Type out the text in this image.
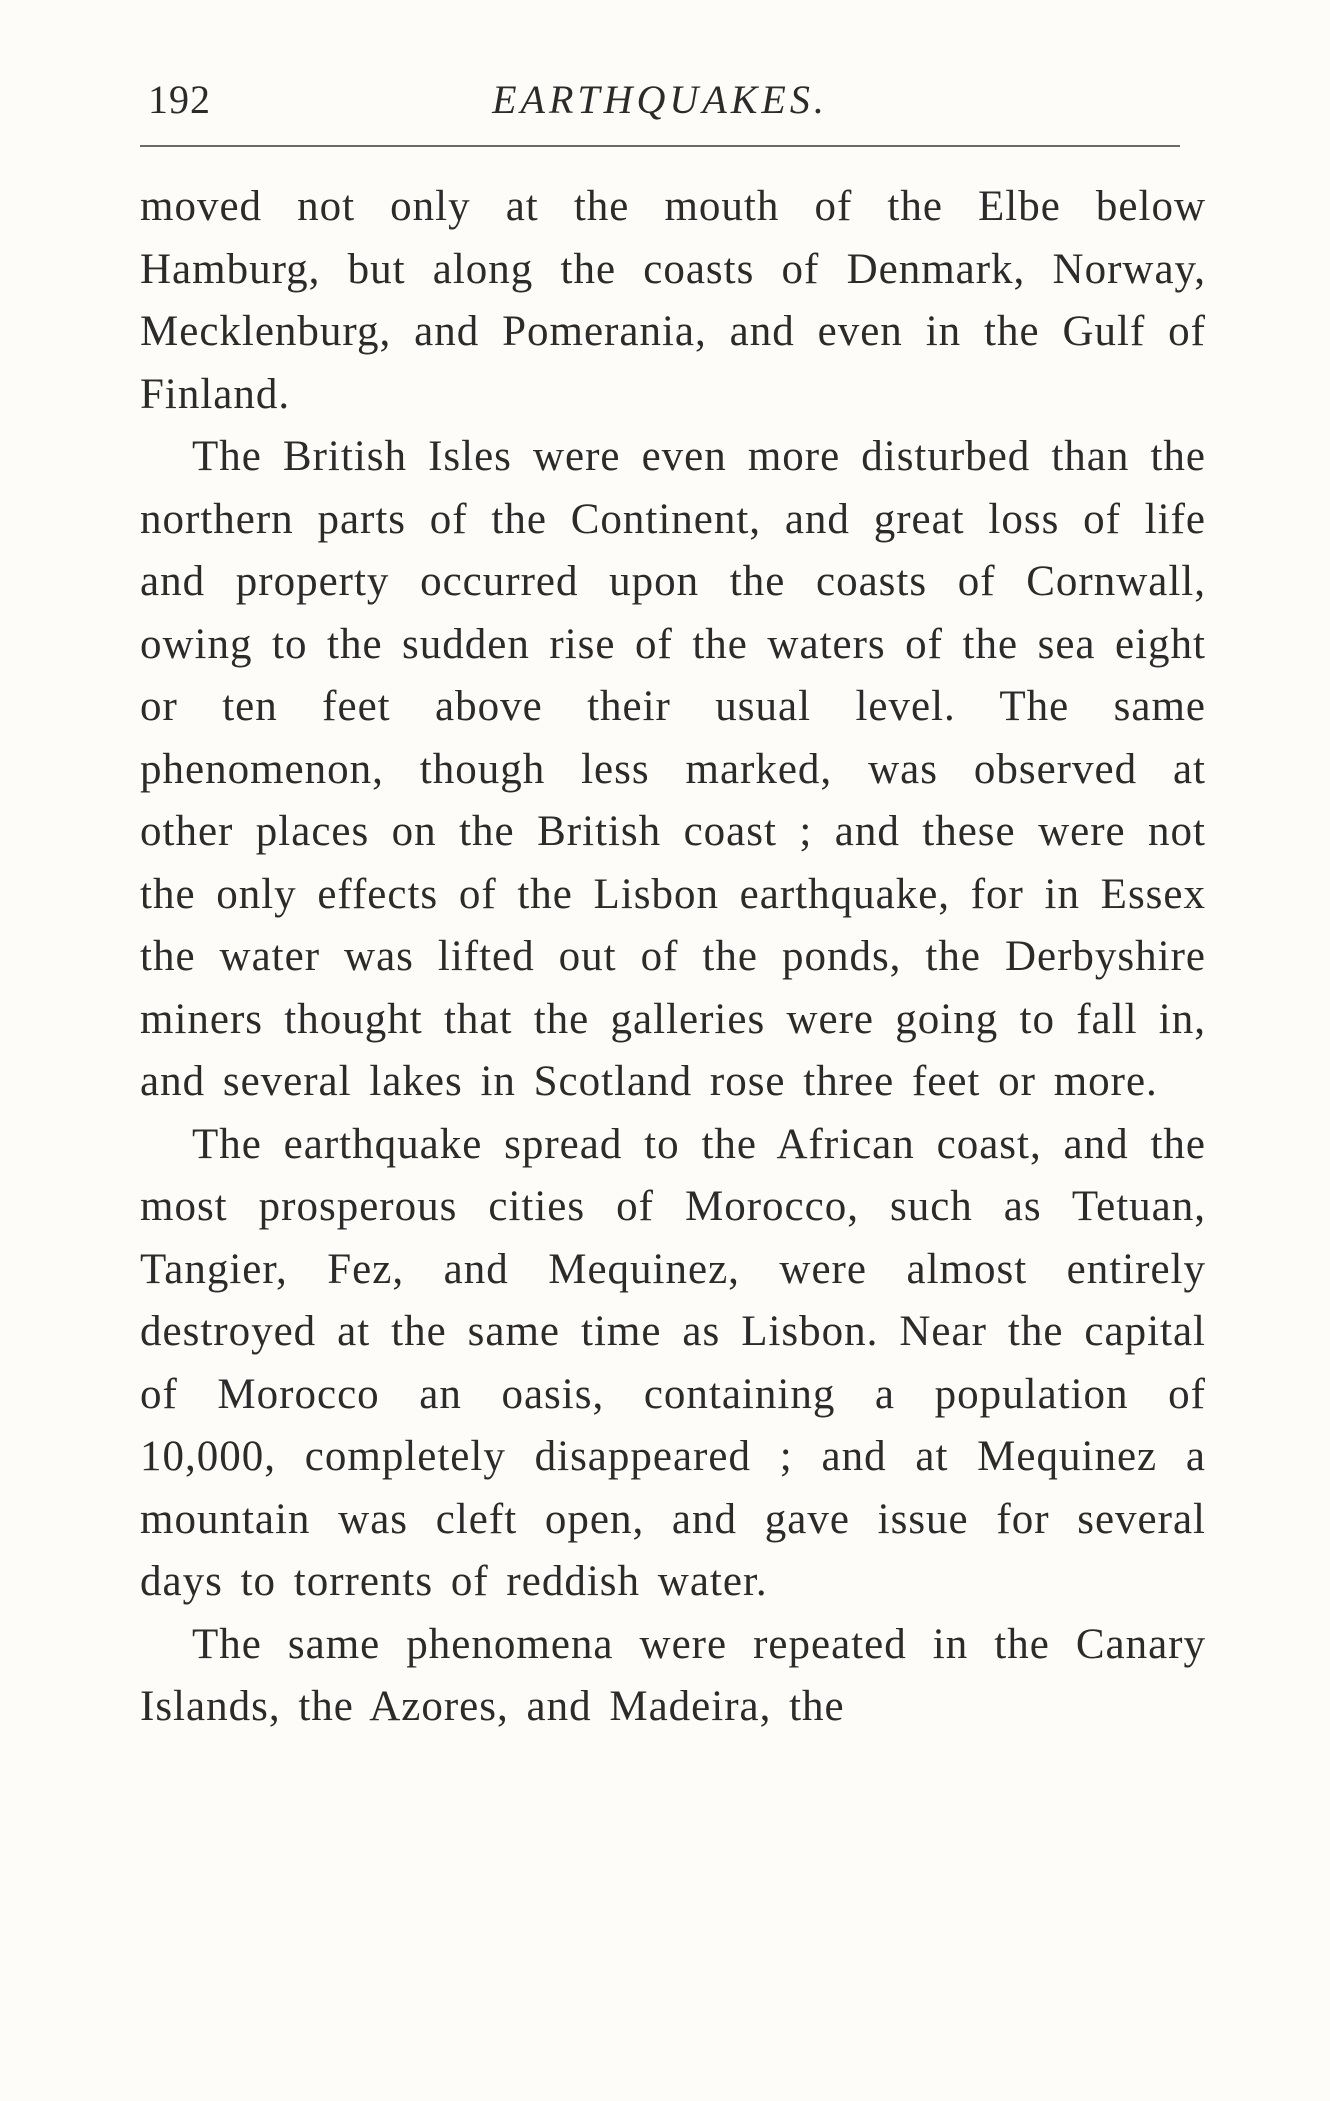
192	EARTHQUAKES.

moved not only at the mouth of the Elbe below Hamburg, but along the coasts of Denmark, Norway, Mecklenburg, and Pomerania, and even in the Gulf of Finland.

The British Isles were even more disturbed than the northern parts of the Continent, and great loss of life and property occurred upon the coasts of Cornwall, owing to the sudden rise of the waters of the sea eight or ten feet above their usual level. The same phenomenon, though less marked, was observed at other places on the British coast ; and these were not the only effects of the Lisbon earthquake, for in Essex the water was lifted out of the ponds, the Derbyshire miners thought that the galleries were going to fall in, and several lakes in Scotland rose three feet or more.

The earthquake spread to the African coast, and the most prosperous cities of Morocco, such as Tetuan, Tangier, Fez, and Mequinez, were almost entirely destroyed at the same time as Lisbon. Near the capital of Morocco an oasis, containing a population of 10,000, completely disappeared ; and at Mequinez a mountain was cleft open, and gave issue for several days to torrents of reddish water.

The same phenomena were repeated in the Canary Islands, the Azores, and Madeira, the
